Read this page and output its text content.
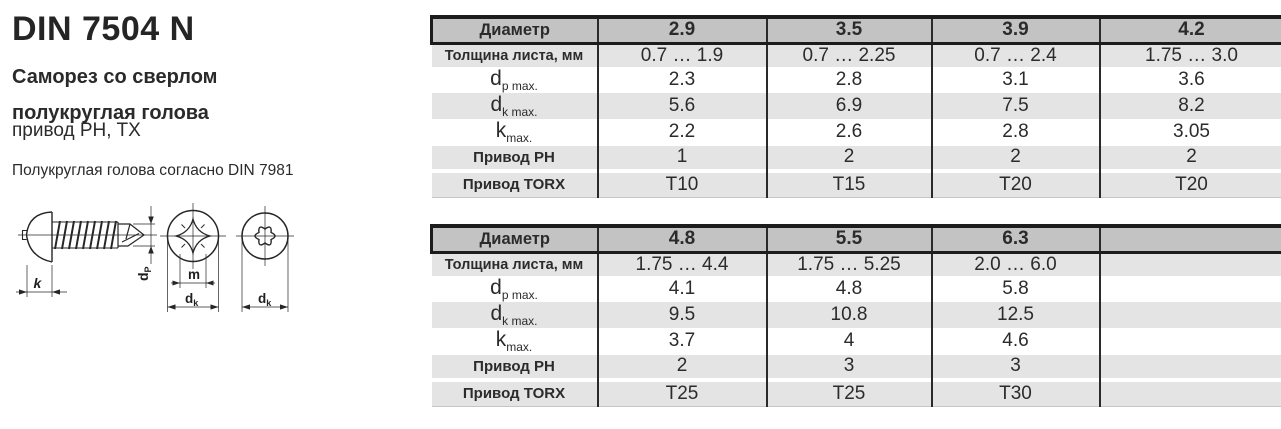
DIN 7504 N
Саморез со сверлом
полукруглая голова
привод PH, TX
Полукруглая голова согласно DIN 7981
k	$d_P$	m
$d_k$	$d_k$
Диаметр	2.9	3.5	3.9	4.2
Толщина листа, мм	0.7 … 1.9	0.7 … 2.25	0.7 … 2.4	1.75 … 3.0
$d_{p max.}$	2.3	2.8	3.1	3.6
$d_{k max.}$	5.6	6.9	7.5	8.2
$k_{max.}$	2.2	2.6	2.8	3.05
Привод PH	1	2	2	2

Привод TORX	T10	T15	T20	T20
Диаметр	4.8	5.5	6.3	
Толщина листа, мм	1.75 … 4.4	1.75 … 5.25	2.0 … 6.0	
$d_{p max.}$	4.1	4.8	5.8	
$d_{k max.}$	9.5	10.8	12.5	
$k_{max.}$	3.7	4	4.6	
Привод PH	2	3	3	

Привод TORX	T25	T25	T30	
